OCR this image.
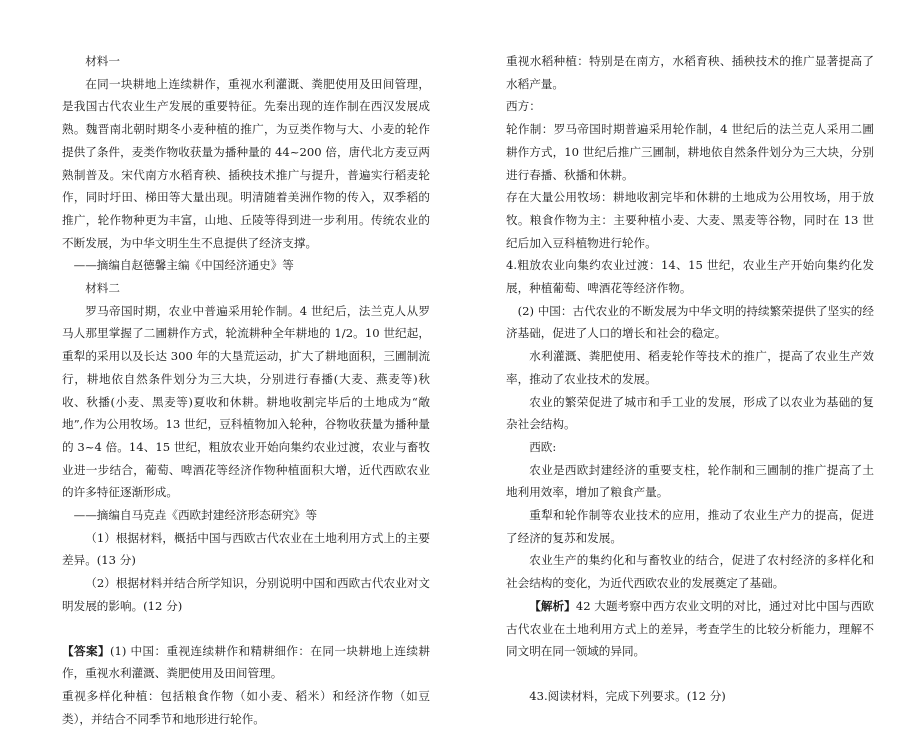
材料一

在同一块耕地上连续耕作，重视水利灌溉、粪肥使用及田间管理，是我国古代农业生产发展的重要特征。先秦出现的连作制在西汉发展成熟。魏晋南北朝时期冬小麦种植的推广，为豆类作物与大、小麦的轮作提供了条件，麦类作物收获量为播种量的 44~200 倍，唐代北方麦豆两熟制普及。宋代南方水稻育秧、插秧技术推广与提升，普遍实行稻麦轮作，同时圩田、梯田等大量出现。明清随着美洲作物的传入，双季稻的推广，轮作物种更为丰富，山地、丘陵等得到进一步利用。传统农业的不断发展，为中华文明生生不息提供了经济支撑。

——摘编自赵德馨主编《中国经济通史》等

材料二

罗马帝国时期，农业中普遍采用轮作制。4 世纪后，法兰克人从罗马人那里掌握了二圃耕作方式，轮流耕种全年耕地的 1/2。10 世纪起，重犁的采用以及长达 300 年的大垦荒运动，扩大了耕地面积，三圃制流行，耕地依自然条件划分为三大块，分别进行春播(大麦、燕麦等)秋收、秋播(小麦、黑麦等)夏收和休耕。耕地收割完毕后的土地成为“敞地”,作为公用牧场。13 世纪，豆科植物加入轮种，谷物收获量为播种量的 3~4 倍。14、15 世纪，粗放农业开始向集约农业过渡，农业与畜牧业进一步结合，葡萄、啤酒花等经济作物种植面积大增，近代西欧农业的许多特征逐渐形成。

——摘编自马克垚《西欧封建经济形态研究》等

（1）根据材料，概括中国与西欧古代农业在土地利用方式上的主要差异。(13 分)

（2）根据材料并结合所学知识，分别说明中国和西欧古代农业对文明发展的影响。(12 分)

【答案】(1) 中国：重视连续耕作和精耕细作：在同一块耕地上连续耕作，重视水利灌溉、粪肥使用及田间管理。

重视多样化种植：包括粮食作物（如小麦、稻米）和经济作物（如豆类），并结合不同季节和地形进行轮作。

重视水稻种植：特别是在南方，水稻育秧、插秧技术的推广显著提高了水稻产量。

西方：

轮作制：罗马帝国时期普遍采用轮作制，4 世纪后的法兰克人采用二圃耕作方式，10 世纪后推广三圃制，耕地依自然条件划分为三大块，分别进行春播、秋播和休耕。

存在大量公用牧场：耕地收割完毕和休耕的土地成为公用牧场，用于放牧。粮食作物为主：主要种植小麦、大麦、黑麦等谷物，同时在 13 世纪后加入豆科植物进行轮作。

4.粗放农业向集约农业过渡：14、15 世纪，农业生产开始向集约化发展，种植葡萄、啤酒花等经济作物。

(2) 中国：古代农业的不断发展为中华文明的持续繁荣提供了坚实的经济基础，促进了人口的增长和社会的稳定。

水利灌溉、粪肥使用、稻麦轮作等技术的推广，提高了农业生产效率，推动了农业技术的发展。

农业的繁荣促进了城市和手工业的发展，形成了以农业为基础的复杂社会结构。

西欧:

农业是西欧封建经济的重要支柱，轮作制和三圃制的推广提高了土地利用效率，增加了粮食产量。

重犁和轮作制等农业技术的应用，推动了农业生产力的提高，促进了经济的复苏和发展。

农业生产的集约化和与畜牧业的结合，促进了农村经济的多样化和社会结构的变化，为近代西欧农业的发展奠定了基础。

【解析】42 大题考察中西方农业文明的对比，通过对比中国与西欧古代农业在土地利用方式上的差异，考查学生的比较分析能力，理解不同文明在同一领域的异同。

43.阅读材料，完成下列要求。(12 分)
